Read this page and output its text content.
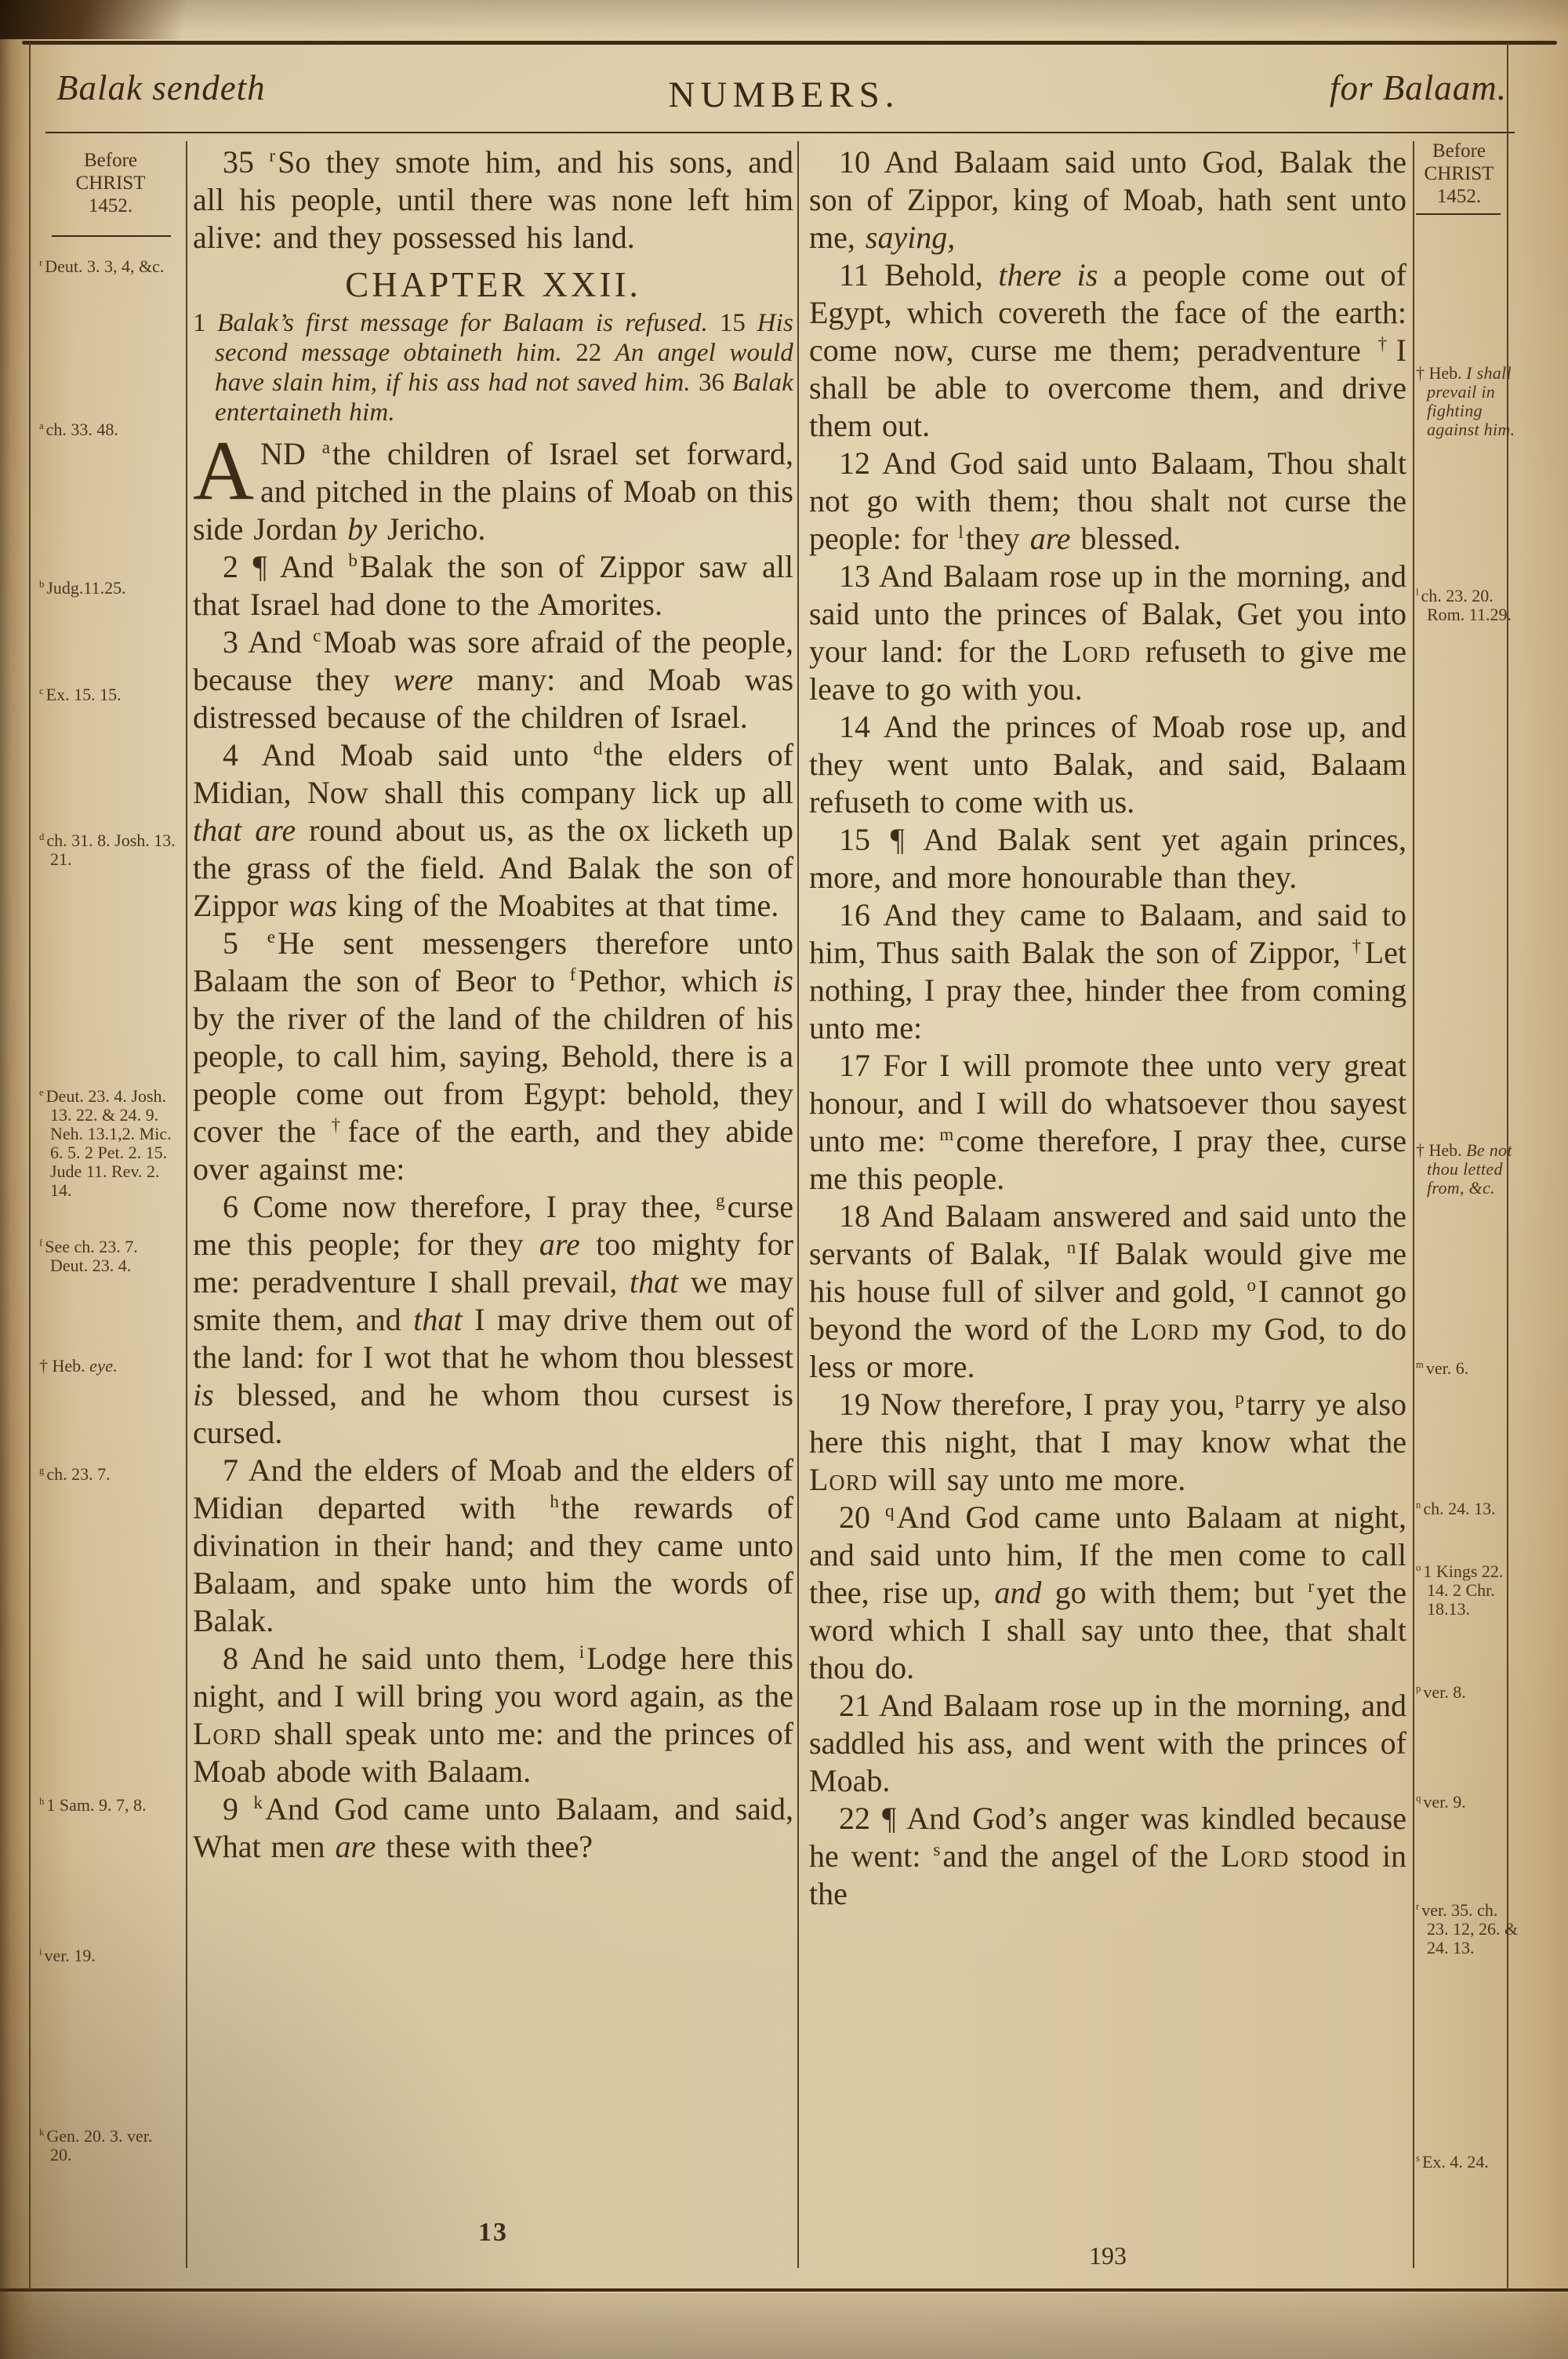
Balak sendeth	NUMBERS.	for Balaam.
Before
CHRIST
1452.
$^r$ Deut. 3. 3, 4, &c.
$^a$ ch. 33. 48.
$^b$ Judg.11.25.
$^c$ Ex. 15. 15.
$^d$ ch. 31. 8. Josh. 13. 21.
$^e$ Deut. 23. 4. Josh. 13. 22. & 24. 9. Neh. 13.1,2. Mic. 6. 5. 2 Pet. 2. 15. Jude 11. Rev. 2. 14.
$^f$ See ch. 23. 7. Deut. 23. 4.
† Heb. eye.
$^g$ ch. 23. 7.
$^h$ 1 Sam. 9. 7, 8.
$^i$ ver. 19.
$^k$ Gen. 20. 3. ver. 20.
Before
CHRIST
1452.
† Heb. I shall prevail in fighting against him.
$^l$ ch. 23. 20. Rom. 11.29.
† Heb. Be not thou letted from, &c.
$^m$ ver. 6.
$^n$ ch. 24. 13.
$^o$ 1 Kings 22. 14. 2 Chr. 18.13.
$^p$ ver. 8.
$^q$ ver. 9.
$^r$ ver. 35. ch. 23. 12, 26. & 24. 13.
$^s$ Ex. 4. 24.

35 $^r$So they smote him, and his sons, and all his people, until there was none left him alive: and they possessed his land.

CHAPTER XXII.

1 Balak’s first message for Balaam is refused. 15 His second message obtaineth him. 22 An angel would have slain him, if his ass had not saved him. 36 Balak entertaineth him.

AND $^a$the children of Israel set forward, and pitched in the plains of Moab on this side Jordan by Jericho.

2 ¶ And $^b$Balak the son of Zippor saw all that Israel had done to the Amorites.

3 And $^c$Moab was sore afraid of the people, because they were many: and Moab was distressed because of the children of Israel.

4 And Moab said unto $^d$the elders of Midian, Now shall this company lick up all that are round about us, as the ox licketh up the grass of the field. And Balak the son of Zippor was king of the Moabites at that time.

5 $^e$He sent messengers therefore unto Balaam the son of Beor to $^f$Pethor, which is by the river of the land of the children of his people, to call him, saying, Behold, there is a people come out from Egypt: behold, they cover the †face of the earth, and they abide over against me:

6 Come now therefore, I pray thee, $^g$curse me this people; for they are too mighty for me: peradventure I shall prevail, that we may smite them, and that I may drive them out of the land: for I wot that he whom thou blessest is blessed, and he whom thou cursest is cursed.

7 And the elders of Moab and the elders of Midian departed with $^h$the rewards of divination in their hand; and they came unto Balaam, and spake unto him the words of Balak.

8 And he said unto them, $^i$Lodge here this night, and I will bring you word again, as the Lord shall speak unto me: and the princes of Moab abode with Balaam.

9 $^k$And God came unto Balaam, and said, What men are these with thee?

10 And Balaam said unto God, Balak the son of Zippor, king of Moab, hath sent unto me, saying,

11 Behold, there is a people come out of Egypt, which covereth the face of the earth: come now, curse me them; peradventure †I shall be able to overcome them, and drive them out.

12 And God said unto Balaam, Thou shalt not go with them; thou shalt not curse the people: for $^l$they are blessed.

13 And Balaam rose up in the morning, and said unto the princes of Balak, Get you into your land: for the Lord refuseth to give me leave to go with you.

14 And the princes of Moab rose up, and they went unto Balak, and said, Balaam refuseth to come with us.

15 ¶ And Balak sent yet again princes, more, and more honourable than they.

16 And they came to Balaam, and said to him, Thus saith Balak the son of Zippor, †Let nothing, I pray thee, hinder thee from coming unto me:

17 For I will promote thee unto very great honour, and I will do whatsoever thou sayest unto me: $^m$come therefore, I pray thee, curse me this people.

18 And Balaam answered and said unto the servants of Balak, $^n$If Balak would give me his house full of silver and gold, $^o$I cannot go beyond the word of the Lord my God, to do less or more.

19 Now therefore, I pray you, $^p$tarry ye also here this night, that I may know what the Lord will say unto me more.

20 $^q$And God came unto Balaam at night, and said unto him, If the men come to call thee, rise up, and go with them; but $^r$yet the word which I shall say unto thee, that shalt thou do.

21 And Balaam rose up in the morning, and saddled his ass, and went with the princes of Moab.

22 ¶ And God’s anger was kindled because he went: $^s$and the angel of the Lord stood in the

13
193
